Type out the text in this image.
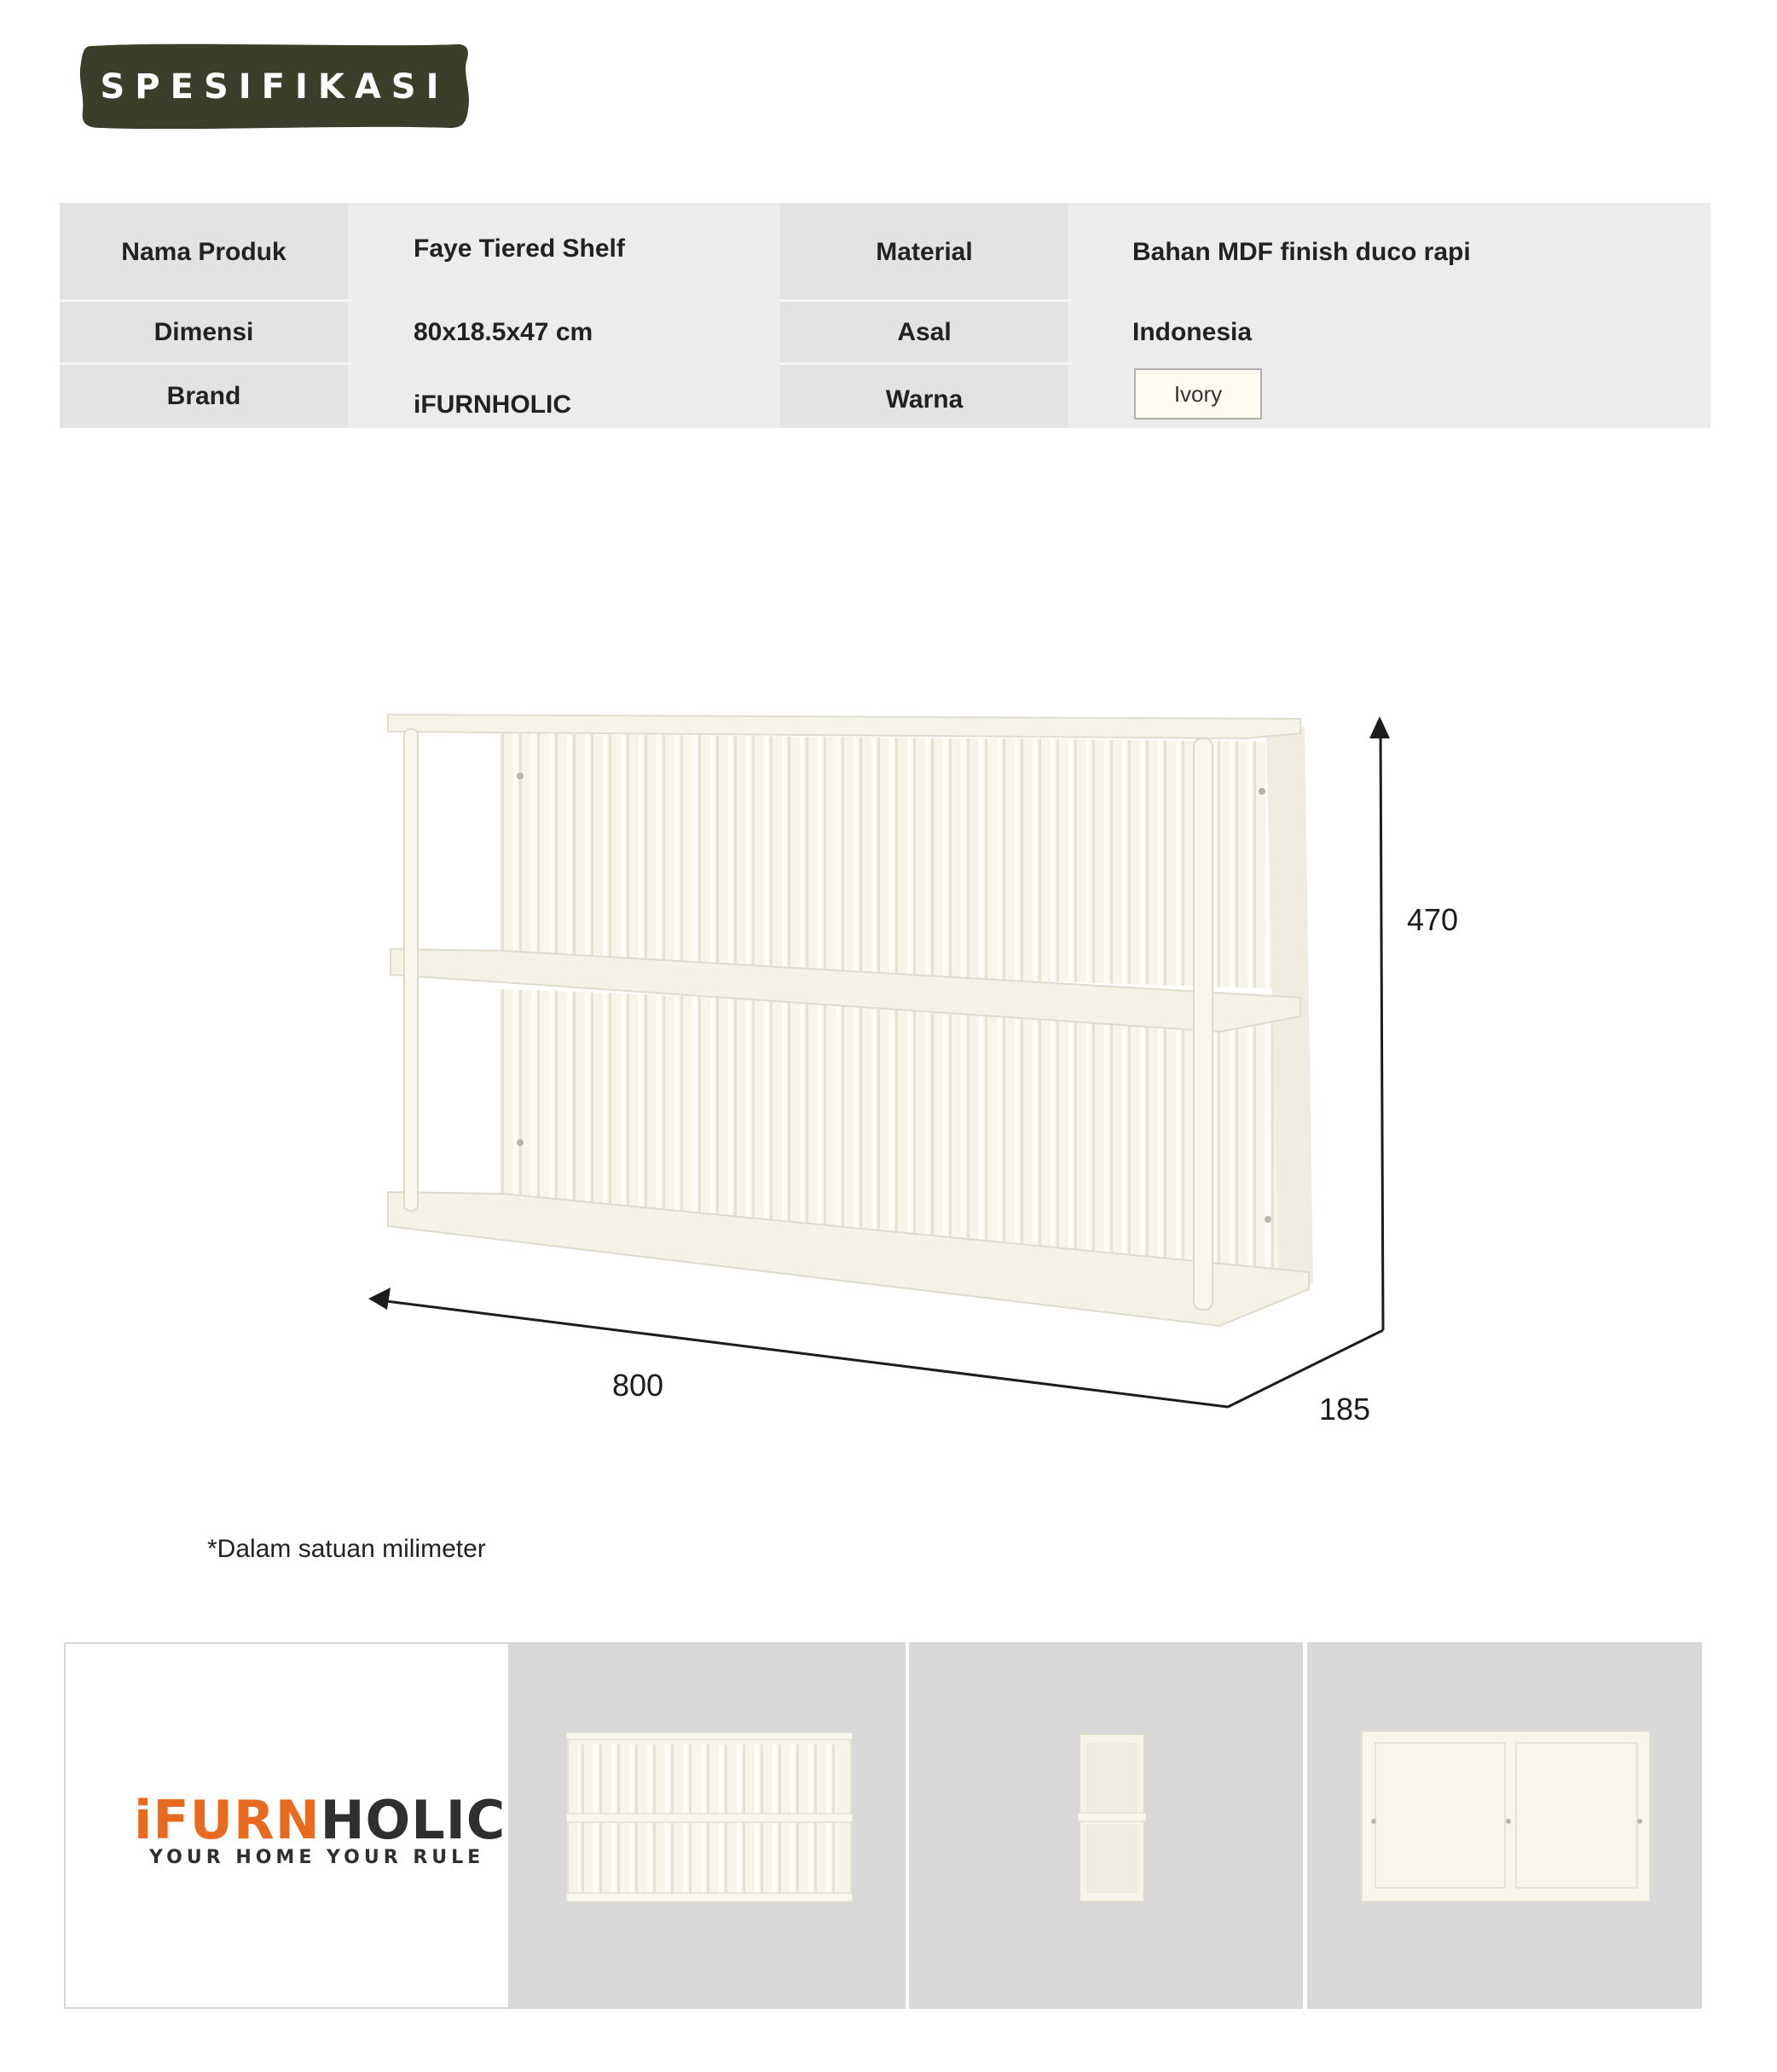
SPESIFIKASI
Nama Produk	Faye Tiered Shelf	Material	Bahan MDF finish duco rapi
Dimensi	80x18.5x47 cm	Asal	Indonesia
Brand	iFURNHOLIC	Warna	Ivory
800
185
470
*Dalam satuan milimeter
iFURNHOLIC
YOUR HOME YOUR RULE
